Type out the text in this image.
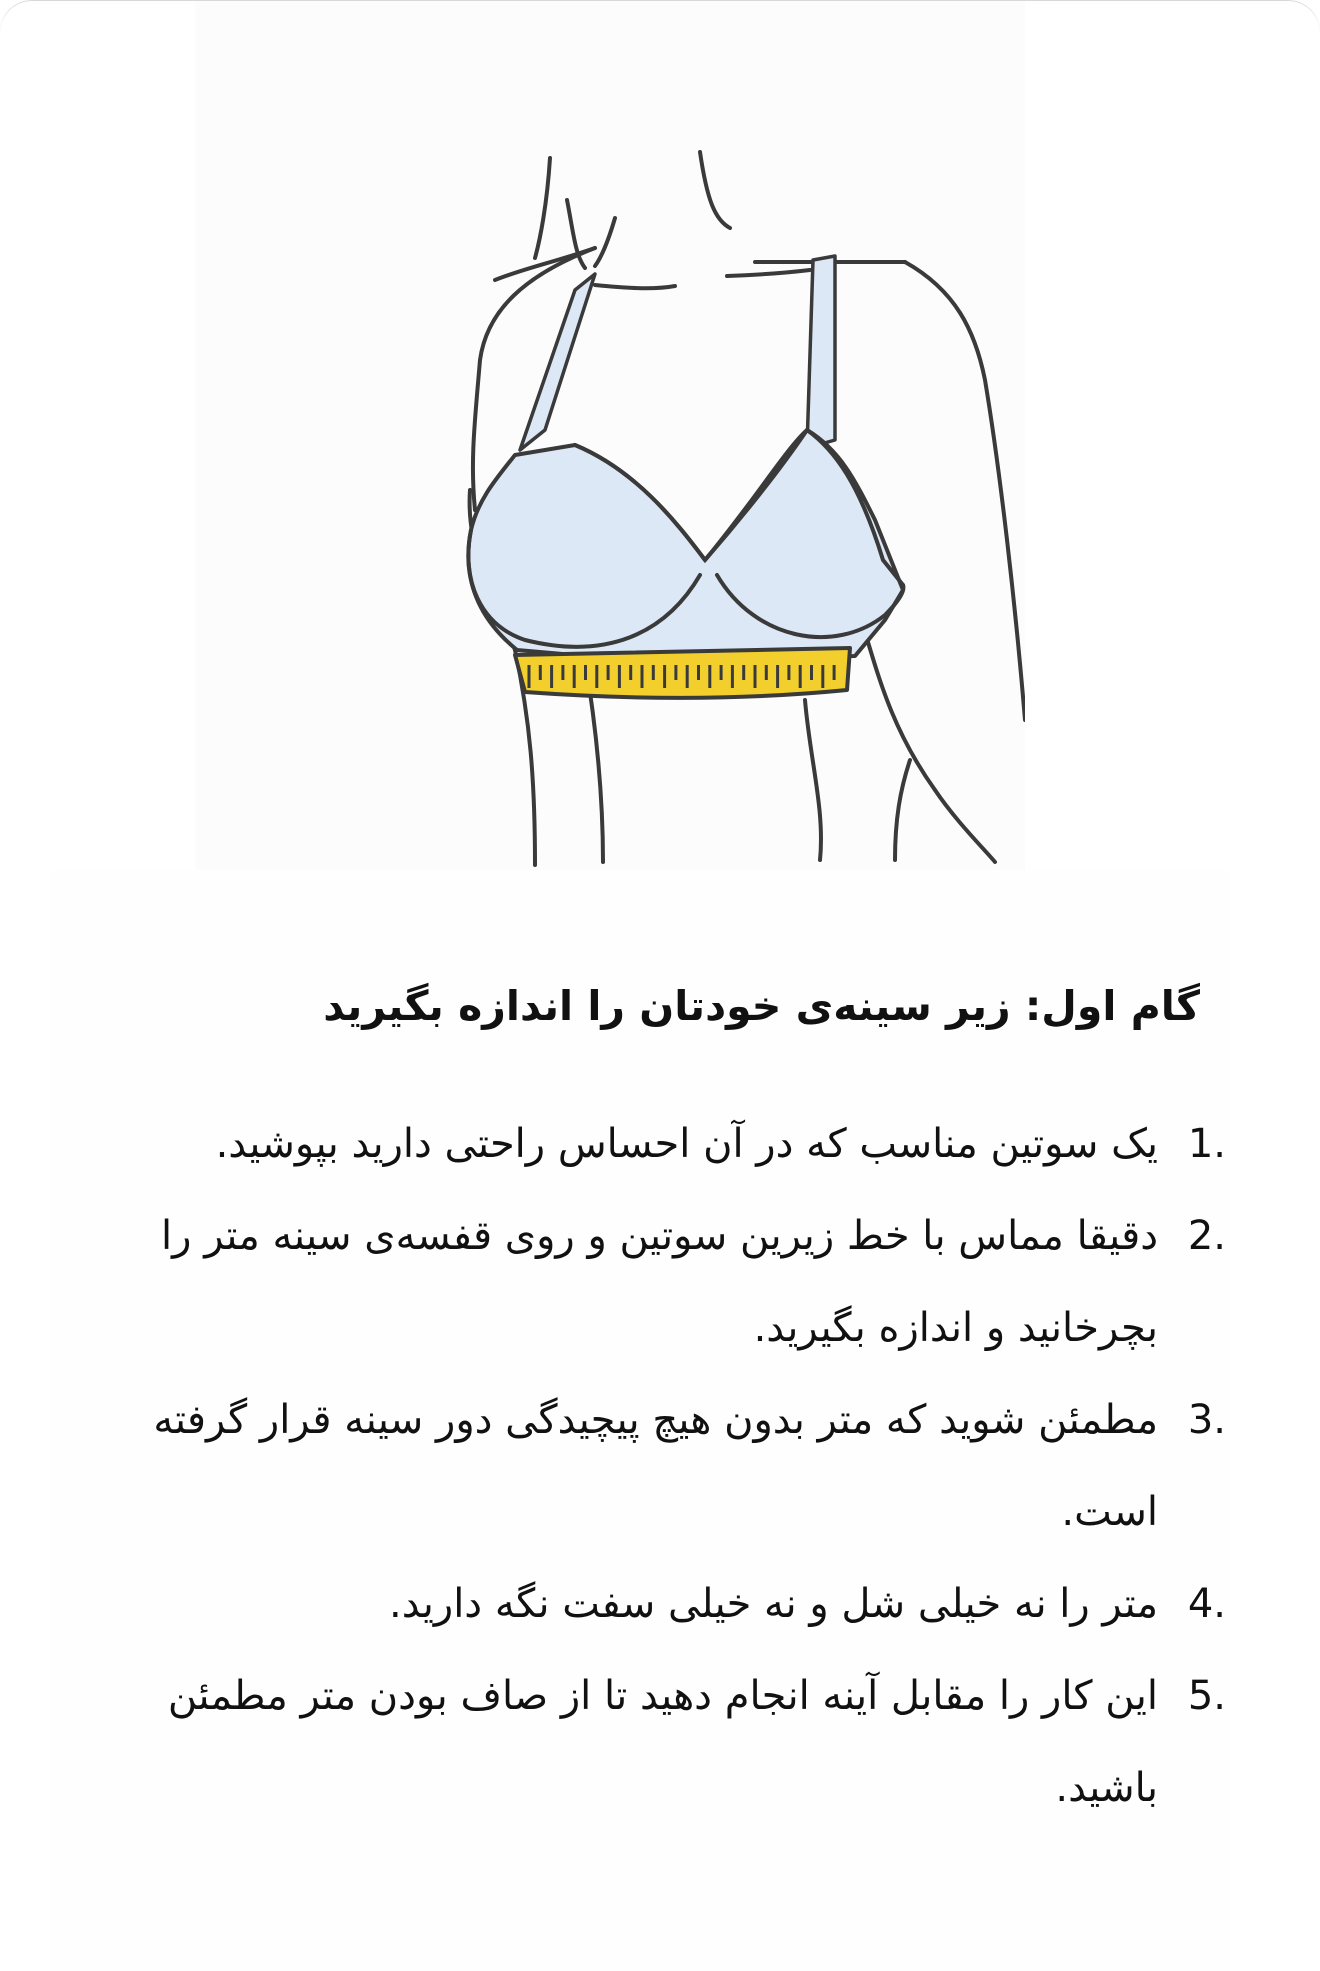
گام اول: زیر سینه‌ی خودتان را اندازه بگیرید
1.
یک سوتین مناسب که در آن احساس راحتی دارید بپوشید.
2.
دقیقا مماس با خط زیرین سوتین و روی قفسه‌ی سینه متر را بچرخانید و اندازه بگیرید.
3.
مطمئن شوید که متر بدون هیچ پیچیدگی دور سینه قرار گرفته است.
4.
متر را نه خیلی شل و نه خیلی سفت نگه دارید.
5.
این کار را مقابل آینه انجام دهید تا از صاف بودن متر مطمئن باشید.
